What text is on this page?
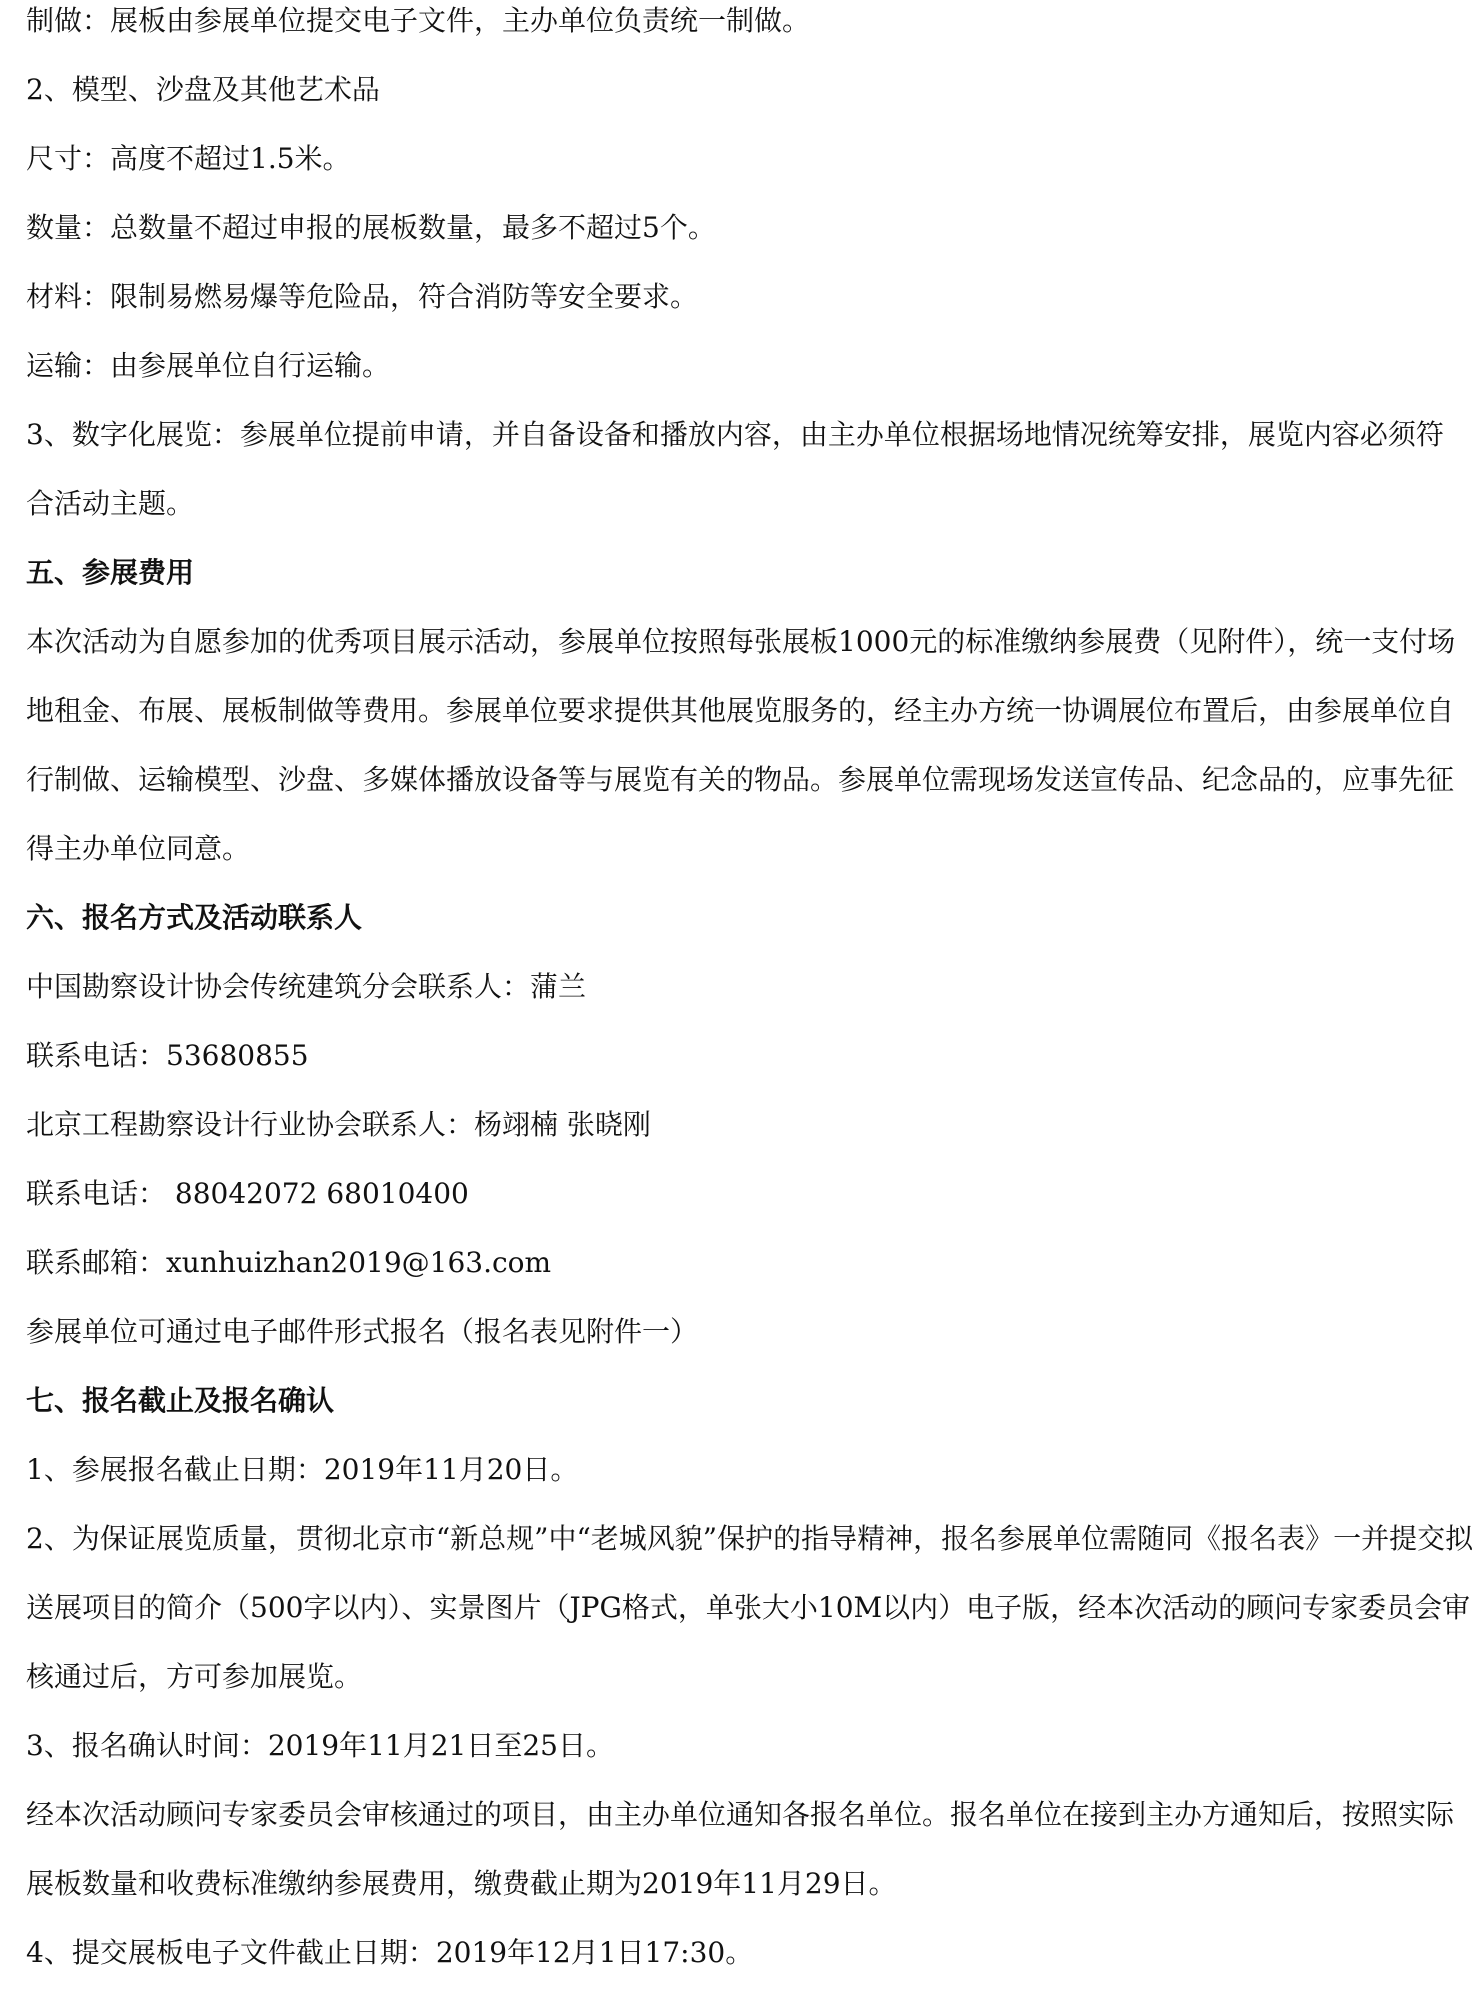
制做：展板由参展单位提交电子文件，主办单位负责统一制做。
2、模型、沙盘及其他艺术品
尺寸：高度不超过1.5米。
数量：总数量不超过申报的展板数量，最多不超过5个。
材料：限制易燃易爆等危险品，符合消防等安全要求。
运输：由参展单位自行运输。
3、数字化展览：参展单位提前申请，并自备设备和播放内容，由主办单位根据场地情况统筹安排，展览内容必须符
合活动主题。
五、参展费用
本次活动为自愿参加的优秀项目展示活动，参展单位按照每张展板1000元的标准缴纳参展费（见附件），统一支付场
地租金、布展、展板制做等费用。参展单位要求提供其他展览服务的，经主办方统一协调展位布置后，由参展单位自
行制做、运输模型、沙盘、多媒体播放设备等与展览有关的物品。参展单位需现场发送宣传品、纪念品的，应事先征
得主办单位同意。
六、报名方式及活动联系人
中国勘察设计协会传统建筑分会联系人：蒲兰
联系电话：53680855
北京工程勘察设计行业协会联系人：杨翊楠 张晓刚
联系电话： 88042072 68010400
联系邮箱：xunhuizhan2019@163.com
参展单位可通过电子邮件形式报名（报名表见附件一）
七、报名截止及报名确认
1、参展报名截止日期：2019年11月20日。
2、为保证展览质量，贯彻北京市“新总规”中“老城风貌”保护的指导精神，报名参展单位需随同《报名表》一并提交拟
送展项目的简介（500字以内）、实景图片（JPG格式，单张大小10M以内）电子版，经本次活动的顾问专家委员会审
核通过后，方可参加展览。
3、报名确认时间：2019年11月21日至25日。
经本次活动顾问专家委员会审核通过的项目，由主办单位通知各报名单位。报名单位在接到主办方通知后，按照实际
展板数量和收费标准缴纳参展费用，缴费截止期为2019年11月29日。
4、提交展板电子文件截止日期：2019年12月1日17:30。
